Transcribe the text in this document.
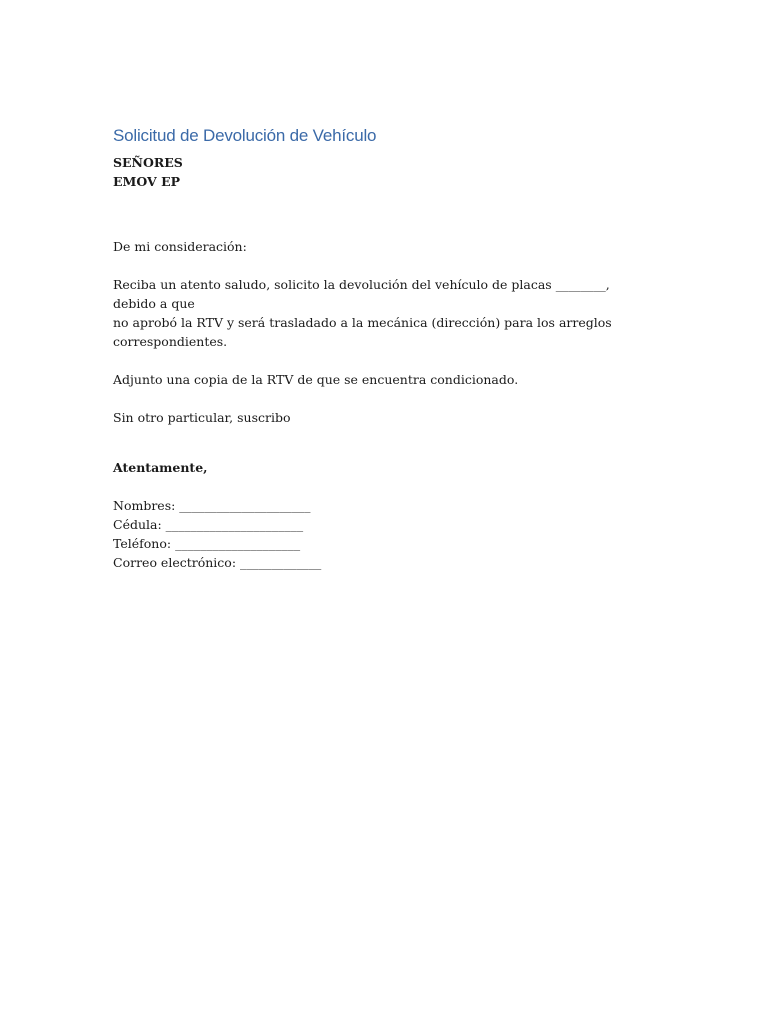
Solicitud de Devolución de Vehículo

SEÑORES

EMOV EP

De mi consideración:

Reciba un atento saludo, solicito la devolución del vehículo de placas ________, debido a que

no aprobó la RTV y será trasladado a la mecánica (dirección) para los arreglos

correspondientes.

Adjunto una copia de la RTV de que se encuentra condicionado.

Sin otro particular, suscribo

Atentamente,

Nombres: _____________________

Cédula: ______________________

Teléfono: ____________________

Correo electrónico: _____________
